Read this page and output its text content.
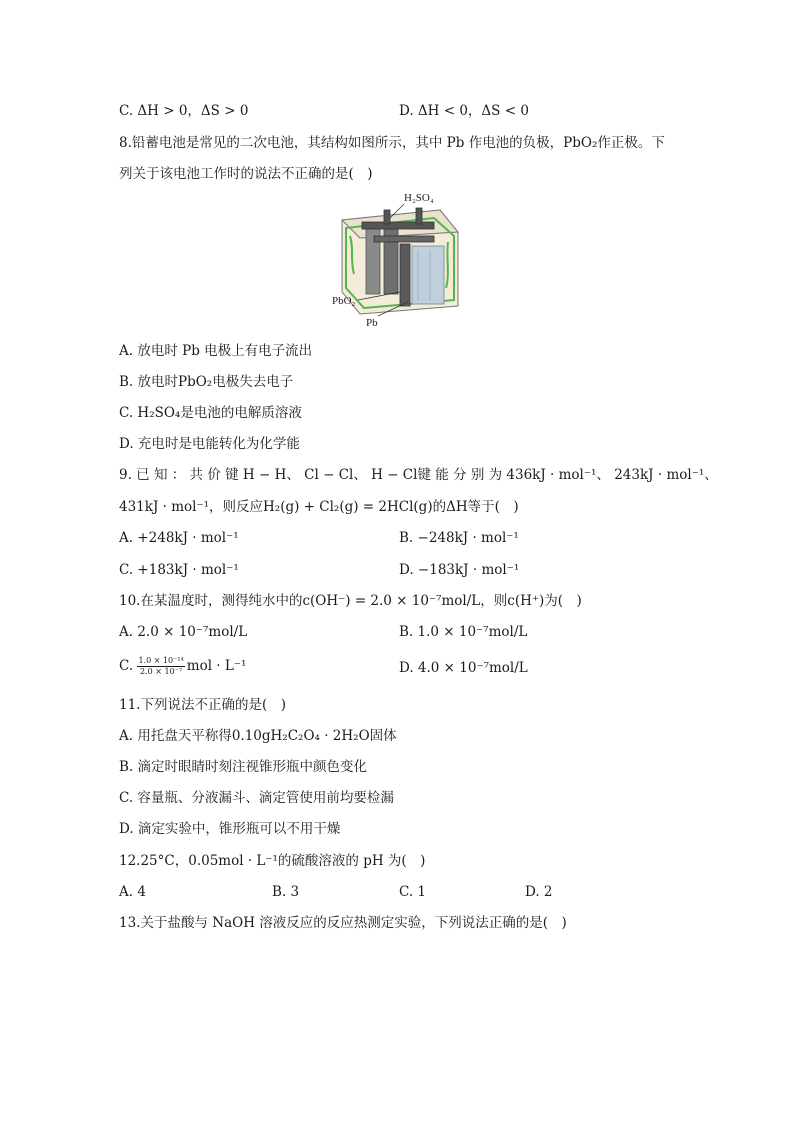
C. ΔH > 0，ΔS > 0	D. ΔH < 0，ΔS < 0
8.铅蓄电池是常见的二次电池，其结构如图所示，其中 Pb 作电池的负极，PbO₂作正极。下
列关于该电池工作时的说法不正确的是(　)
H₂SO₄
PbO₂
Pb
A. 放电时 Pb 电极上有电子流出
B. 放电时PbO₂电极失去电子
C. H₂SO₄是电池的电解质溶液
D. 充电时是电能转化为化学能
9. 已 知 ： 共 价 键 H − H、 Cl − Cl、 H − Cl键 能 分 别 为 436kJ · mol⁻¹、 243kJ · mol⁻¹、
431kJ · mol⁻¹，则反应H₂(g) + Cl₂(g) = 2HCl(g)的ΔH等于(　)
A. +248kJ · mol⁻¹	B. −248kJ · mol⁻¹
C. +183kJ · mol⁻¹	D. −183kJ · mol⁻¹
10.在某温度时，测得纯水中的c(OH⁻) = 2.0 × 10⁻⁷mol/L，则c(H⁺)为(　)
A. 2.0 × 10⁻⁷mol/L	B. 1.0 × 10⁻⁷mol/L
C. $\frac{\text{1.0 × 10⁻¹⁴}}{\text{2.0 × 10⁻⁷}}$ mol · L⁻¹	D. 4.0 × 10⁻⁷mol/L
11.下列说法不正确的是(　)
A. 用托盘天平称得0.10gH₂C₂O₄ · 2H₂O固体
B. 滴定时眼睛时刻注视锥形瓶中颜色变化
C. 容量瓶、分液漏斗、滴定管使用前均要检漏
D. 滴定实验中，锥形瓶可以不用干燥
12.25°C，0.05mol · L⁻¹的硫酸溶液的 pH 为(　)
A. 4	B. 3	C. 1	D. 2
13.关于盐酸与 NaOH 溶液反应的反应热测定实验，下列说法正确的是(　)
